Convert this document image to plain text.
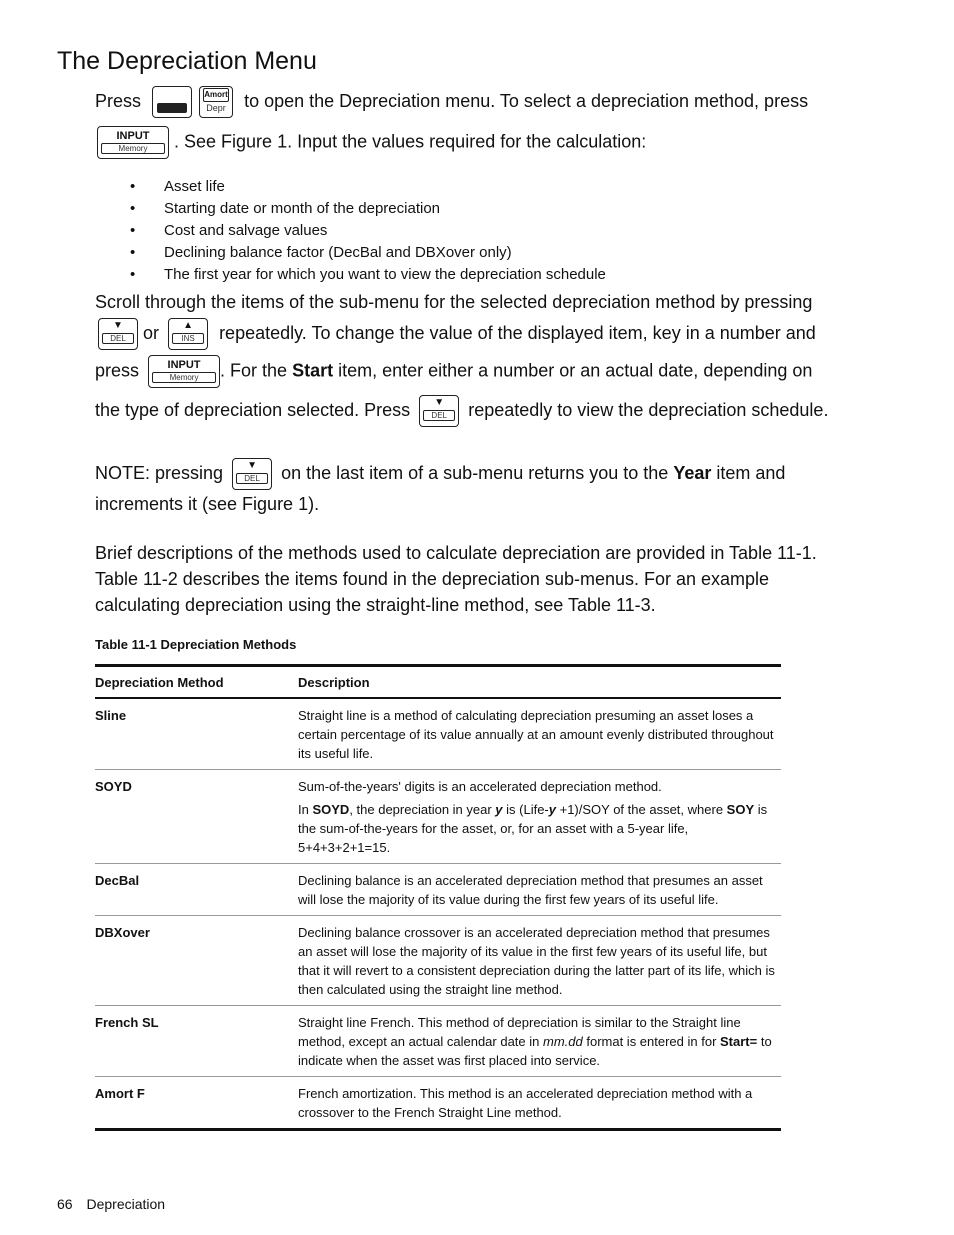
The Depreciation Menu
Press
	Amort
Depr to open the Depreciation menu. To select a depreciation method, press
INPUT
Memory	. See Figure 1. Input the values required for the calculation:
• Asset life
• Starting date or month of the depreciation
• Cost and salvage values
• Declining balance factor (DecBal and DBXover only)
• The first year for which you want to view the depreciation schedule
Scroll through the items of the sub-menu for the selected depreciation method by pressing
▼
DEL or	▲
INS	repeatedly. To change the value of the displayed item, key in a number and
press	INPUT
Memory	. For the Start item, enter either a number or an actual date, depending on
the type of depreciation selected. Press	▼
DEL	repeatedly to view the depreciation schedule.
NOTE: pressing	▼
DEL	on the last item of a sub-menu returns you to the Year item and
increments it (see Figure 1).

Brief descriptions of the methods used to calculate depreciation are provided in Table 11-1. Table 11-2 describes the items found in the depreciation sub-menus. For an example calculating depreciation using the straight-line method, see Table 11-3.

Table 11-1 Depreciation Methods
Depreciation Method	Description
Sline	Straight line is a method of calculating depreciation presuming an asset loses a certain percentage of its value annually at an amount evenly distributed throughout its useful life.
SOYD	Sum-of-the-years' digits is an accelerated depreciation method.

In SOYD, the depreciation in year y is (Life-y +1)/SOY of the asset, where SOY is the sum-of-the-years for the asset, or, for an asset with a 5-year life, 5+4+3+2+1=15.

DecBal	Declining balance is an accelerated depreciation method that presumes an asset will lose the majority of its value during the first few years of its useful life.
DBXover	Declining balance crossover is an accelerated depreciation method that presumes an asset will lose the majority of its value in the first few years of its useful life, but that it will revert to a consistent depreciation during the latter part of its life, which is then calculated using the straight line method.
French SL	Straight line French. This method of depreciation is similar to the Straight line method, except an actual calendar date in mm.dd format is entered in for Start= to indicate when the asset was first placed into service.
Amort F	French amortization. This method is an accelerated depreciation method with a crossover to the French Straight Line method.
66 Depreciation
